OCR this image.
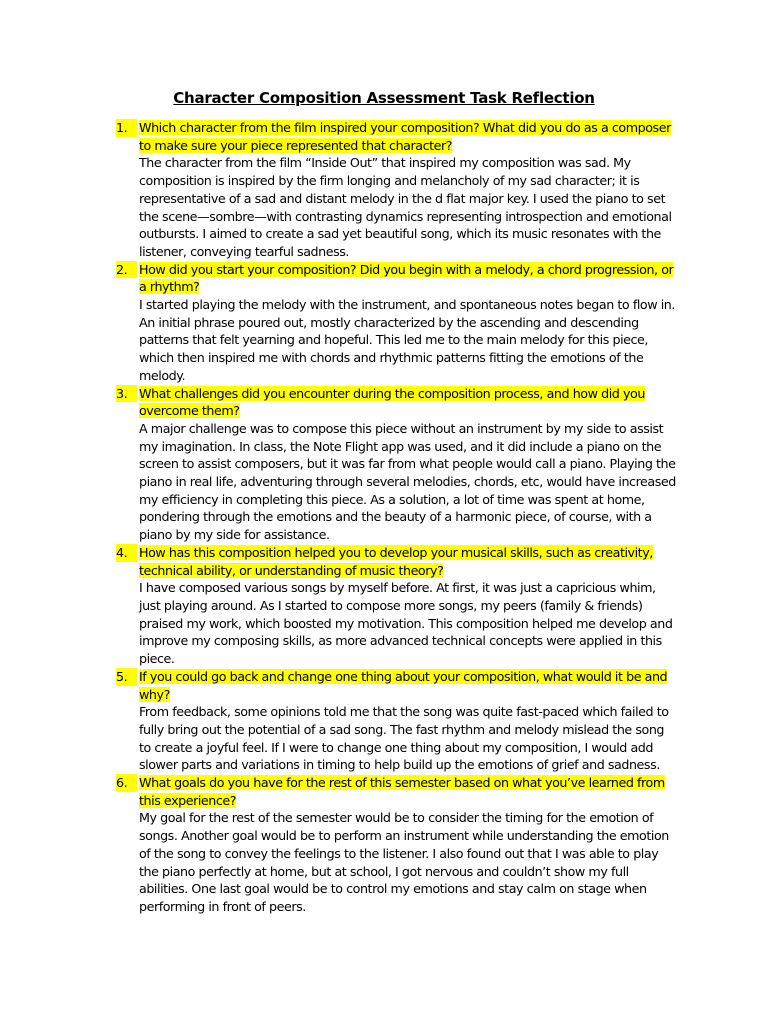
Character Composition Assessment Task Reflection
1. Which character from the film inspired your composition? What did you do as a composer to make sure your piece represented that character?

The character from the film “Inside Out” that inspired my composition was sad. My composition is inspired by the firm longing and melancholy of my sad character; it is representative of a sad and distant melody in the d flat major key. I used the piano to set the scene—sombre—with contrasting dynamics representing introspection and emotional outbursts. I aimed to create a sad yet beautiful song, which its music resonates with the listener, conveying tearful sadness.

2. How did you start your composition? Did you begin with a melody, a chord progression, or a rhythm?

I started playing the melody with the instrument, and spontaneous notes began to flow in. An initial phrase poured out, mostly characterized by the ascending and descending patterns that felt yearning and hopeful. This led me to the main melody for this piece, which then inspired me with chords and rhythmic patterns fitting the emotions of the melody.

3. What challenges did you encounter during the composition process, and how did you overcome them?

A major challenge was to compose this piece without an instrument by my side to assist my imagination. In class, the Note Flight app was used, and it did include a piano on the screen to assist composers, but it was far from what people would call a piano. Playing the piano in real life, adventuring through several melodies, chords, etc, would have increased my efficiency in completing this piece. As a solution, a lot of time was spent at home, pondering through the emotions and the beauty of a harmonic piece, of course, with a piano by my side for assistance.

4. How has this composition helped you to develop your musical skills, such as creativity, technical ability, or understanding of music theory?

I have composed various songs by myself before. At first, it was just a capricious whim, just playing around. As I started to compose more songs, my peers (family & friends) praised my work, which boosted my motivation. This composition helped me develop and improve my composing skills, as more advanced technical concepts were applied in this piece.

5. If you could go back and change one thing about your composition, what would it be and why?

From feedback, some opinions told me that the song was quite fast-paced which failed to fully bring out the potential of a sad song. The fast rhythm and melody mislead the song to create a joyful feel. If I were to change one thing about my composition, I would add slower parts and variations in timing to help build up the emotions of grief and sadness.

6. What goals do you have for the rest of this semester based on what you’ve learned from this experience?

My goal for the rest of the semester would be to consider the timing for the emotion of songs. Another goal would be to perform an instrument while understanding the emotion of the song to convey the feelings to the listener. I also found out that I was able to play the piano perfectly at home, but at school, I got nervous and couldn’t show my full abilities. One last goal would be to control my emotions and stay calm on stage when performing in front of peers.
